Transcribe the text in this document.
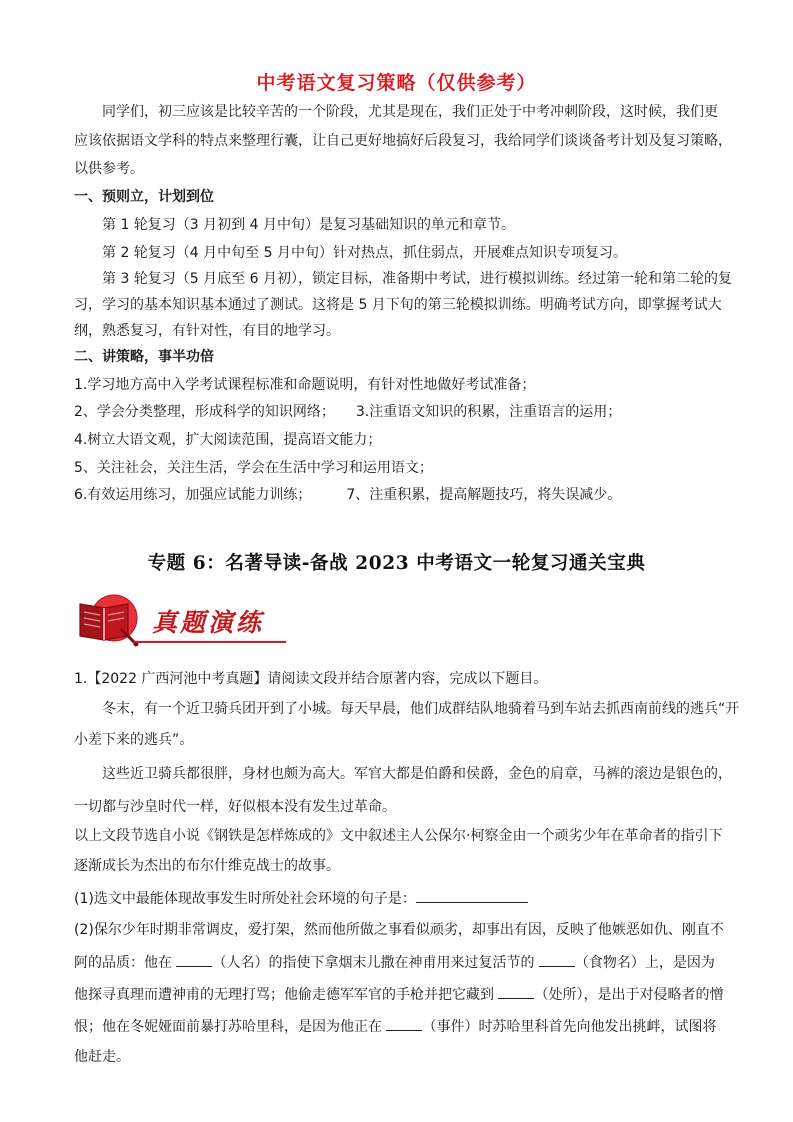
中考语文复习策略（仅供参考）
　　同学们，初三应该是比较辛苦的一个阶段，尤其是现在，我们正处于中考冲刺阶段，这时候，我们更
应该依据语文学科的特点来整理行囊，让自己更好地搞好后段复习，我给同学们谈谈备考计划及复习策略，
以供参考。
一、预则立，计划到位
　　第 1 轮复习（3 月初到 4 月中旬）是复习基础知识的单元和章节。
　　第 2 轮复习（4 月中旬至 5 月中旬）针对热点，抓住弱点，开展难点知识专项复习。
　　第 3 轮复习（5 月底至 6 月初），锁定目标，准备期中考试，进行模拟训练。经过第一轮和第二轮的复
习，学习的基本知识基本通过了测试。这将是 5 月下旬的第三轮模拟训练。明确考试方向，即掌握考试大
纲，熟悉复习，有针对性，有目的地学习。
二、讲策略，事半功倍
1.学习地方高中入学考试课程标准和命题说明，有针对性地做好考试准备；
2、学会分类整理，形成科学的知识网络；　　3.注重语文知识的积累，注重语言的运用；
4.树立大语文观，扩大阅读范围，提高语文能力；
5、关注社会，关注生活，学会在生活中学习和运用语文；
6.有效运用练习，加强应试能力训练；　　　7、注重积累，提高解题技巧，将失误减少。
专题 6：名著导读-备战 2023 中考语文一轮复习通关宝典
真题演练
1.【2022 广西河池中考真题】请阅读文段并结合原著内容，完成以下题目。
　　冬末，有一个近卫骑兵团开到了小城。每天早晨，他们成群结队地骑着马到车站去抓西南前线的逃兵“开
小差下来的逃兵”。
　　这些近卫骑兵都很胖，身材也颇为高大。军官大都是伯爵和侯爵，金色的肩章，马裤的滚边是银色的，
一切都与沙皇时代一样，好似根本没有发生过革命。
以上文段节选自小说《钢铁是怎样炼成的》文中叙述主人公保尔·柯察金由一个顽劣少年在革命者的指引下
逐渐成长为杰出的布尔什维克战士的故事。
(1)选文中最能体现故事发生时所处社会环境的句子是：
(2)保尔少年时期非常调皮，爱打架，然而他所做之事看似顽劣，却事出有因，反映了他嫉恶如仇、刚直不
阿的品质：他在	（人名）的指使下拿烟末儿撒在神甫用来过复活节的	（食物名）上，是因为
他探寻真理而遭神甫的无理打骂；他偷走德军军官的手枪并把它藏到	（处所），是出于对侵略者的憎
恨；他在冬妮娅面前暴打苏哈里科，是因为他正在	（事件）时苏哈里科首先向他发出挑衅，试图将
他赶走。
